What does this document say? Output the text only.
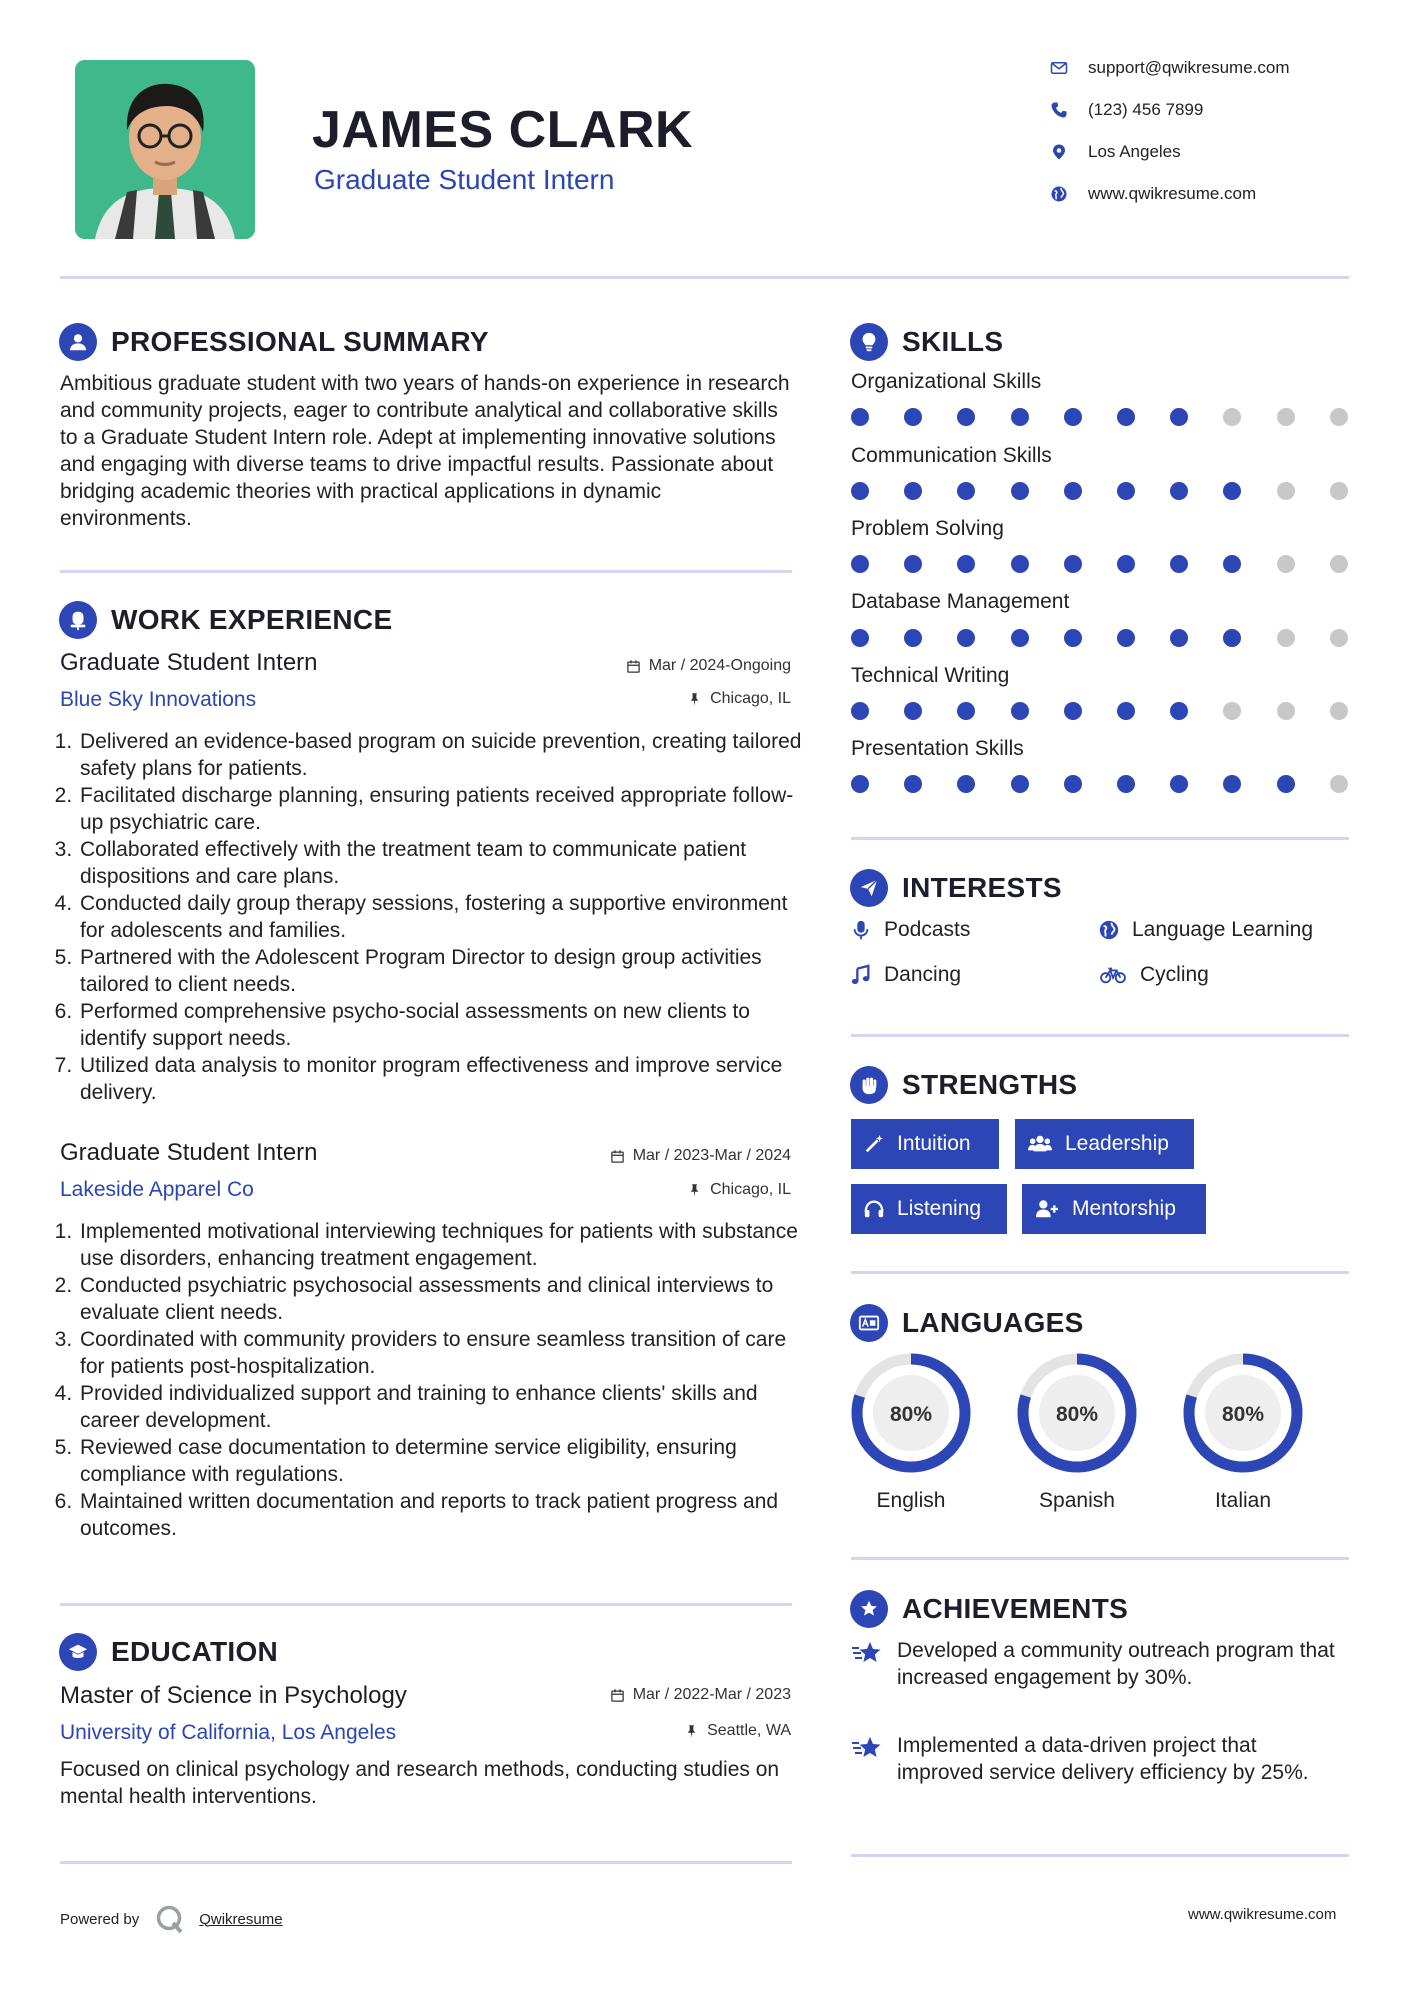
JAMES CLARK
Graduate Student Intern
support@qwikresume.com
(123) 456 7899
Los Angeles
www.qwikresume.com
PROFESSIONAL SUMMARY
Ambitious graduate student with two years of hands-on experience in research and community projects, eager to contribute analytical and collaborative skills to a Graduate Student Intern role. Adept at implementing innovative solutions and engaging with diverse teams to drive impactful results. Passionate about bridging academic theories with practical applications in dynamic environments.
WORK EXPERIENCE
Graduate Student Intern	Mar / 2024-Ongoing
Blue Sky Innovations	Chicago, IL
1. Delivered an evidence-based program on suicide prevention, creating tailored safety plans for patients.
2. Facilitated discharge planning, ensuring patients received appropriate follow-up psychiatric care.
3. Collaborated effectively with the treatment team to communicate patient dispositions and care plans.
4. Conducted daily group therapy sessions, fostering a supportive environment for adolescents and families.
5. Partnered with the Adolescent Program Director to design group activities tailored to client needs.
6. Performed comprehensive psycho-social assessments on new clients to identify support needs.
7. Utilized data analysis to monitor program effectiveness and improve service delivery.
Graduate Student Intern	Mar / 2023-Mar / 2024
Lakeside Apparel Co	Chicago, IL
1. Implemented motivational interviewing techniques for patients with substance use disorders, enhancing treatment engagement.
2. Conducted psychiatric psychosocial assessments and clinical interviews to evaluate client needs.
3. Coordinated with community providers to ensure seamless transition of care for patients post-hospitalization.
4. Provided individualized support and training to enhance clients' skills and career development.
5. Reviewed case documentation to determine service eligibility, ensuring compliance with regulations.
6. Maintained written documentation and reports to track patient progress and outcomes.
EDUCATION
Master of Science in Psychology	Mar / 2022-Mar / 2023
University of California, Los Angeles	Seattle, WA
Focused on clinical psychology and research methods, conducting studies on mental health interventions.
SKILLS
Organizational Skills
Communication Skills
Problem Solving
Database Management
Technical Writing
Presentation Skills
INTERESTS
Podcasts	Language Learning
Dancing	Cycling
STRENGTHS
Intuition	Leadership
Listening	Mentorship
LANGUAGES
80%
English
80%
Spanish
80%
Italian
ACHIEVEMENTS
Developed a community outreach program that increased engagement by 30%.
Implemented a data-driven project that improved service delivery efficiency by 25%.
Powered by	Qwikresume	www.qwikresume.com
